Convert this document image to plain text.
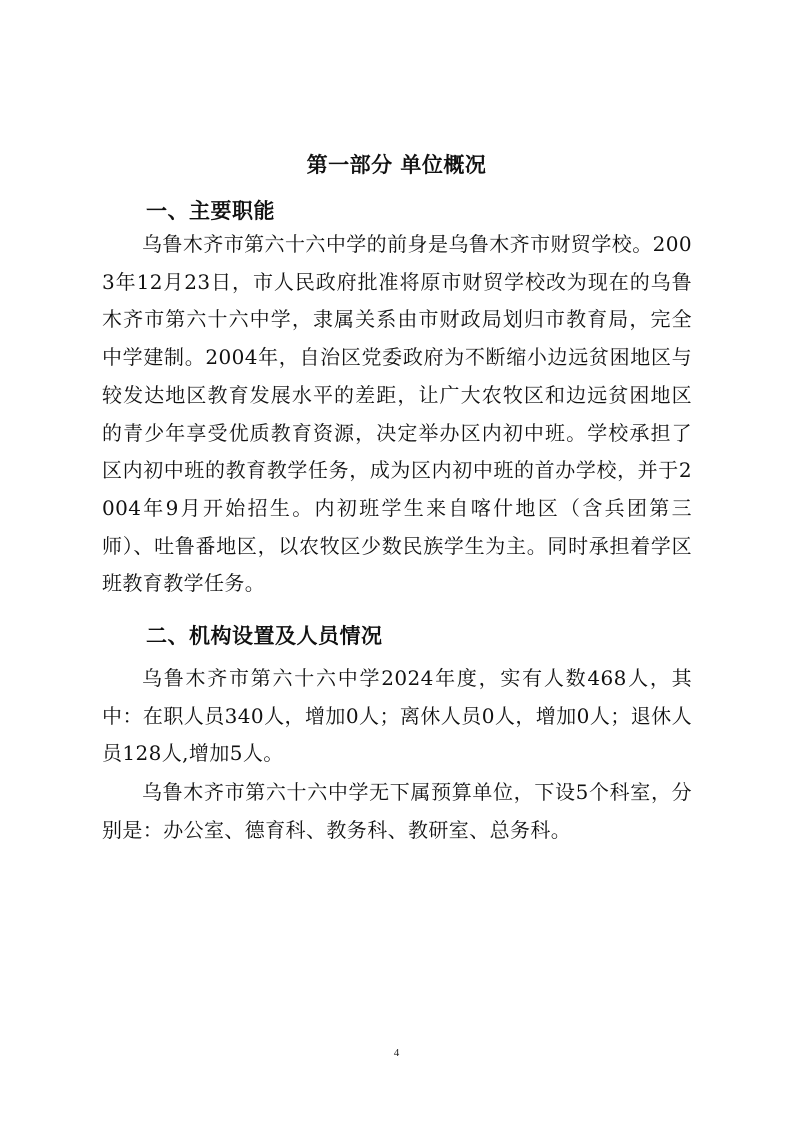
第一部分 单位概况
一、主要职能

乌鲁木齐市第六十六中学的前身是乌鲁木齐市财贸学校。2003年12月23日，市人民政府批准将原市财贸学校改为现在的乌鲁木齐市第六十六中学，隶属关系由市财政局划归市教育局，完全中学建制。2004年，自治区党委政府为不断缩小边远贫困地区与较发达地区教育发展水平的差距，让广大农牧区和边远贫困地区的青少年享受优质教育资源，决定举办区内初中班。学校承担了区内初中班的教育教学任务，成为区内初中班的首办学校，并于2004年9月开始招生。内初班学生来自喀什地区（含兵团第三师）、吐鲁番地区，以农牧区少数民族学生为主。同时承担着学区班教育教学任务。

二、机构设置及人员情况

乌鲁木齐市第六十六中学2024年度，实有人数468人，其中：在职人员340人，增加0人；离休人员0人，增加0人；退休人员128人,增加5人。

乌鲁木齐市第六十六中学无下属预算单位，下设5个科室，分别是：办公室、德育科、教务科、教研室、总务科。

4
